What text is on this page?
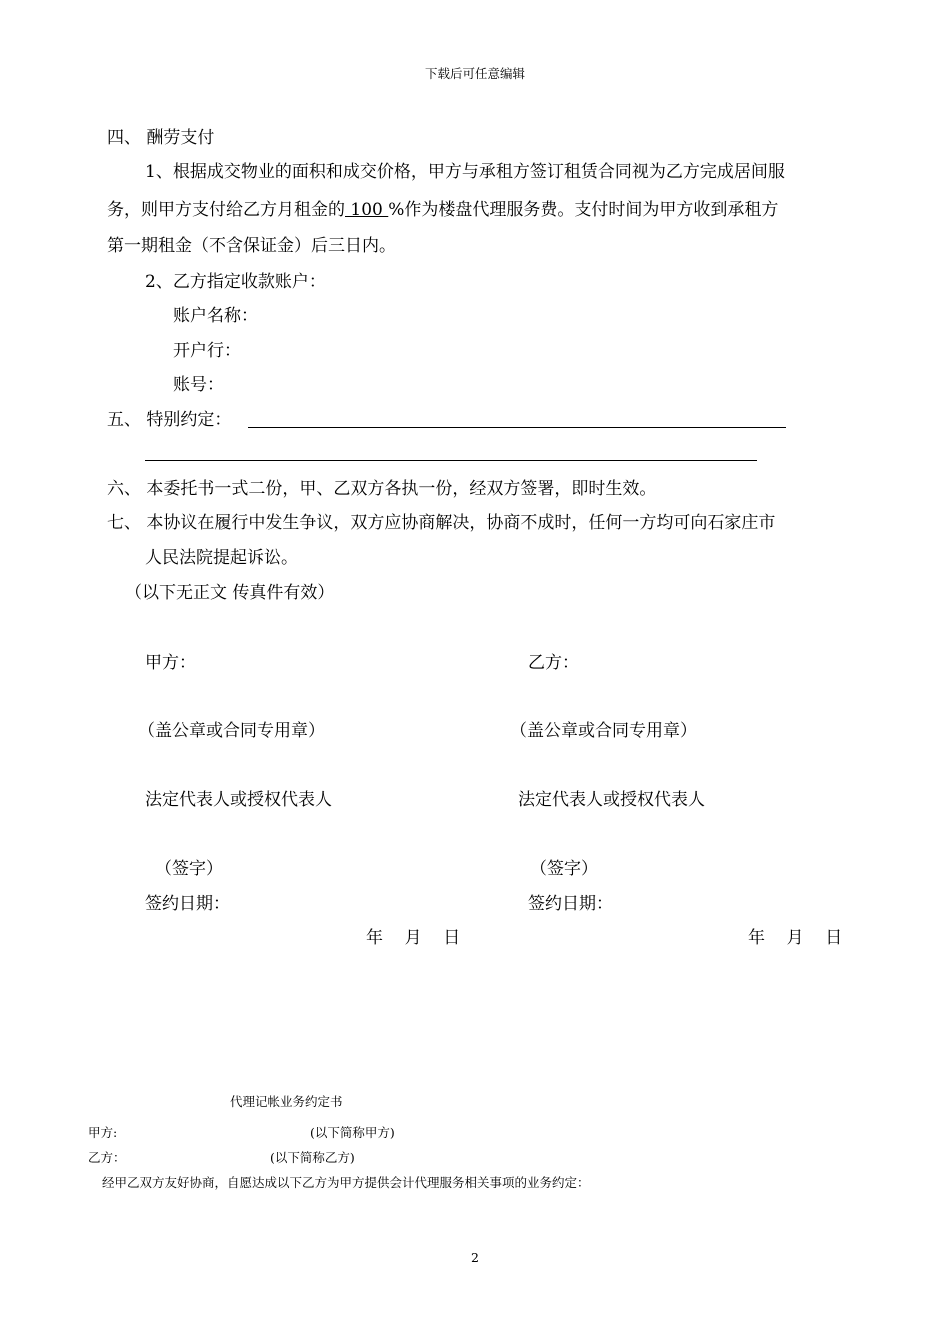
下载后可任意编辑
四、 酬劳支付
1、根据成交物业的面积和成交价格，甲方与承租方签订租赁合同视为乙方完成居间服
务，则甲方支付给乙方月租金的 100 %作为楼盘代理服务费。支付时间为甲方收到承租方
第一期租金（不含保证金）后三日内。
2、乙方指定收款账户：
账户名称：
开户行：
账号：
五、 特别约定：
六、 本委托书一式二份，甲、乙双方各执一份，经双方签署，即时生效。
七、 本协议在履行中发生争议，双方应协商解决，协商不成时，任何一方均可向石家庄市
人民法院提起诉讼。
（以下无正文 传真件有效）
甲方：
（盖公章或合同专用章）
法定代表人或授权代表人
（签字）
签约日期：
年    月    日
乙方：
（盖公章或合同专用章）
法定代表人或授权代表人
（签字）
签约日期：
年    月    日
代理记帐业务约定书
甲方:	(以下简称甲方)
乙方：	(以下简称乙方)
经甲乙双方友好协商，自愿达成以下乙方为甲方提供会计代理服务相关事项的业务约定：
2
